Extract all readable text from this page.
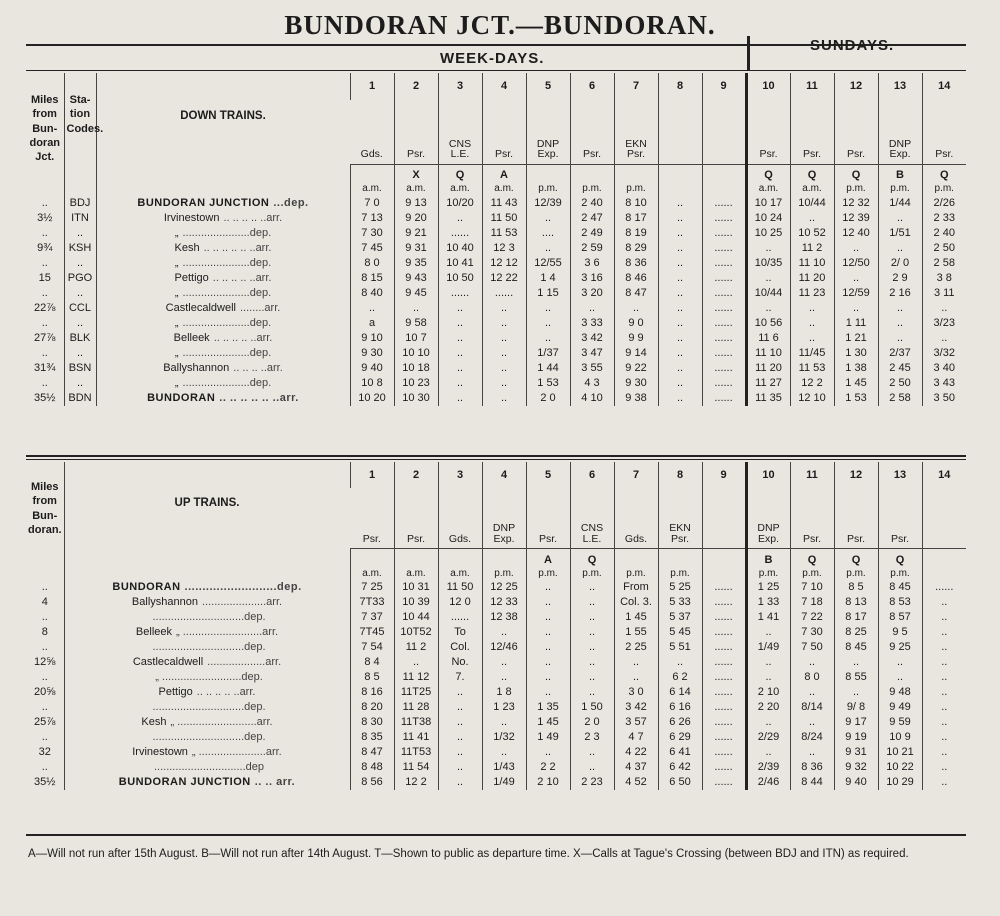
BUNDORAN JCT.—BUNDORAN.
WEEK-DAYS.
SUNDAYS.
Miles from Bun-doran Jct.	Sta-tion Codes.	DOWN TRAINS.	1	2	3	4	5	6	7	8	9	10	11	12	13	14
			Gds.	Psr.	CNS L.E.	Psr.	DNP Exp.	Psr.	EKN Psr.			Psr.	Psr.	Psr.	DNP Exp.	Psr.
				X	Q	A						Q	Q	Q	B	Q
			a.m.	a.m.	a.m.	a.m.	p.m.	p.m.	p.m.			a.m.	a.m.	p.m.	p.m.	p.m.
..	BDJ	BUNDORAN JUNCTION ...dep.	7 0	9 13	10/20	11 43	12/39	2 40	8 10	..	......	10 17	10/44	12 32	1/44	2/26
3½	ITN	Irvinestown .. .. .. .. ..arr.	7 13	9 20	..	11 50	..	2 47	8 17	..	......	10 24	..	12 39	..	2 33
..	..	„ ......................dep.	7 30	9 21	......	11 53	....	2 49	8 19	..	......	10 25	10 52	12 40	1/51	2 40
9¾	KSH	Kesh .. .. .. .. .. ..arr.	7 45	9 31	10 40	12 3	..	2 59	8 29	..	......	..	11 2	..	..	2 50
..	..	„ ......................dep.	8 0	9 35	10 41	12 12	12/55	3 6	8 36	..	......	10/35	11 10	12/50	2/ 0	2 58
15	PGO	Pettigo .. .. .. .. ..arr.	8 15	9 43	10 50	12 22	1 4	3 16	8 46	..	......	..	11 20	..	2 9	3 8
..	..	„ ......................dep.	8 40	9 45	......	......	1 15	3 20	8 47	..	......	10/44	11 23	12/59	2 16	3 11
22⅞	CCL	Castlecaldwell ........arr.	..	..	..	..	..	..	..	..	......	..	..	..	..	..
..	..	„ ......................dep.	a	9 58	..	..	..	3 33	9 0	..	......	10 56	..	1 11	..	3/23
27⅞	BLK	Belleek .. .. .. .. ..arr.	9 10	10 7	..	..	..	3 42	9 9	..	......	11 6	..	1 21	..	..
..	..	„ ......................dep.	9 30	10 10	..	..	1/37	3 47	9 14	..	......	11 10	11/45	1 30	2/37	3/32
31¾	BSN	Ballyshannon .. .. .. ..arr.	9 40	10 18	..	..	1 44	3 55	9 22	..	......	11 20	11 53	1 38	2 45	3 40
..	..	„ ......................dep.	10 8	10 23	..	..	1 53	4 3	9 30	..	......	11 27	12 2	1 45	2 50	3 43
35½	BDN	BUNDORAN .. .. .. .. .. ..arr.	10 20	10 30	..	..	2 0	4 10	9 38	..	......	11 35	12 10	1 53	2 58	3 50
Miles from Bun-doran.	UP TRAINS.	1	2	3	4	5	6	7	8	9	10	11	12	13	14
		Psr.	Psr.	Gds.	DNP Exp.	Psr.	CNS L.E.	Gds.	EKN Psr.		DNP Exp.	Psr.	Psr.	Psr.	
						A	Q				B	Q	Q	Q	
		a.m.	a.m.	a.m.	p.m.	p.m.	p.m.	p.m.	p.m.		p.m.	p.m.	p.m.	p.m.	
..	BUNDORAN ..........................dep.	7 25	10 31	11 50	12 25	..	..	From	5 25	......	1 25	7 10	8 5	8 45	......
4	Ballyshannon .....................arr.	7T33	10 39	12 0	12 33	..	..	Col. 3.	5 33	......	1 33	7 18	8 13	8 53	..
..	..............................dep.	7 37	10 44	......	12 38	..	..	1 45	5 37	......	1 41	7 22	8 17	8 57	..
8	Belleek „ ..........................arr.	7T45	10T52	To	..	..	..	1 55	5 45	......	..	7 30	8 25	9 5	..
..	..............................dep.	7 54	11 2	Col.	12/46	..	..	2 25	5 51	......	1/49	7 50	8 45	9 25	..
12⅝	Castlecaldwell ...................arr.	8 4	..	No.	..	..	..	..	..	......	..	..	..	..	..
..	„ ..........................dep.	8 5	11 12	7.	..	..	..	..	6 2	......	..	8 0	8 55	..	..
20⅝	Pettigo .. .. .. .. ..arr.	8 16	11T25	..	1 8	..	..	3 0	6 14	......	2 10	..	..	9 48	..
..	..............................dep.	8 20	11 28	..	1 23	1 35	1 50	3 42	6 16	......	2 20	8/14	9/ 8	9 49	..
25⅞	Kesh „ ..........................arr.	8 30	11T38	..	..	1 45	2 0	3 57	6 26	......	..	..	9 17	9 59	..
..	..............................dep.	8 35	11 41	..	1/32	1 49	2 3	4 7	6 29	......	2/29	8/24	9 19	10 9	..
32	Irvinestown „ ......................arr.	8 47	11T53	..	..	..	..	4 22	6 41	......	..	..	9 31	10 21	..
..	..............................dep	8 48	11 54	..	1/43	2 2	..	4 37	6 42	......	2/39	8 36	9 32	10 22	..
35½	BUNDORAN JUNCTION .. .. arr.	8 56	12 2	..	1/49	2 10	2 23	4 52	6 50	......	2/46	8 44	9 40	10 29	..
A—Will not run after 15th August. B—Will not run after 14th August. T—Shown to public as departure time. X—Calls at Tague's Crossing (between BDJ and ITN) as required.
